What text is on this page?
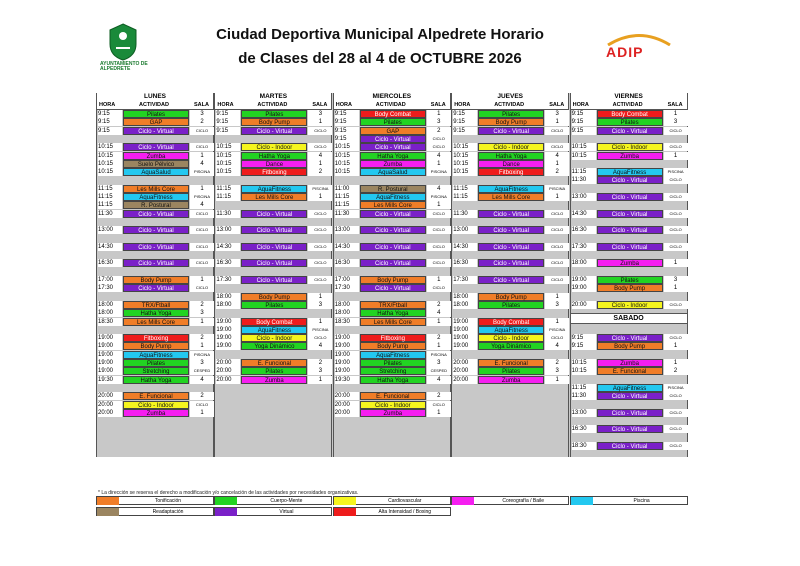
AYUNTAMIENTO DE ALPEDRETE
Ciudad Deportiva Municipal Alpedrete Horario
de Clases del 28 al 4 de OCTUBRE 2026	ADIP
LUNES
HORA	ACTIVIDAD	SALA
9:15	Pilates	3
9:15	GAP	2
9:15	Ciclo - Virtual	CICLO
10:15	Ciclo - Virtual	CICLO
10:15	Zumba	1
10:15	Suelo Pélvico	4
10:15	AquaSalud	PISCINA
11:15	Les Mills Core	1
11:15	AquaFitness	PISCINA
11:15	R. Postural	4
11:30	Ciclo - Virtual	CICLO
13:00	Ciclo - Virtual	CICLO
14:30	Ciclo - Virtual	CICLO
16:30	Ciclo - Virtual	CICLO
17:00	Body Pump	1
17:30	Ciclo - Virtual	CICLO
18:00	TRX/Ftball	2
18:00	Hatha Yoga	3
18:30	Les Mills Core	1
19:00	Fitboxing	2
19:00	Body Pump	1
19:00	AquaFitness	PISCINA
19:00	Pilates	3
19:00	Stretching	CESPED
19:30	Hatha Yoga	4
20:00	E. Funcional	2
20:00	Ciclo - Indoor	CICLO
20:00	Zumba	1
MARTES
HORA	ACTIVIDAD	SALA
9:15	Pilates	3
9:15	Body Pump	1
9:15	Ciclo - Virtual	CICLO
10:15	Ciclo - Indoor	CICLO
10:15	Hatha Yoga	4
10:15	Dance	1
10:15	Fitboxing	2
11:15	AquaFitness	PISCINA
11:15	Les Mills Core	1
11:30	Ciclo - Virtual	CICLO
13:00	Ciclo - Virtual	CICLO
14:30	Ciclo - Virtual	CICLO
16:30	Ciclo - Virtual	CICLO
17:30	Ciclo - Virtual	CICLO
18:00	Body Pump	1
18:00	Pilates	3
19:00	Body Combat	1
19:00	AquaFitness	PISCINA
19:00	Ciclo - Indoor	CICLO
19:00	Yoga Dinámico	4
20:00	E. Funcional	2
20:00	Pilates	3
20:00	Zumba	1
MIERCOLES
HORA	ACTIVIDAD	SALA
9:15	Body Combat	1
9:15	Pilates	3
9:15	GAP	2
9:15	Ciclo - Virtual	CICLO
10:15	Ciclo - Virtual	CICLO
10:15	Hatha Yoga	4
10:15	Zumba	1
10:15	AquaSalud	PISCINA
11:00	R. Postural	4
11:15	AquaFitness	PISCINA
11:15	Les Mills Core	1
11:30	Ciclo - Virtual	CICLO
13:00	Ciclo - Virtual	CICLO
14:30	Ciclo - Virtual	CICLO
16:30	Ciclo - Virtual	CICLO
17:00	Body Pump	1
17:30	Ciclo - Virtual	CICLO
18:00	TRX/Ftball	2
18:00	Hatha Yoga	4
18:30	Les Mills Core	1
19:00	Fitboxing	2
19:00	Body Pump	1
19:00	AquaFitness	PISCINA
19:00	Pilates	3
19:00	Stretching	CESPED
19:30	Hatha Yoga	4
20:00	E. Funcional	2
20:00	Ciclo - Indoor	CICLO
20:00	Zumba	1
JUEVES
HORA	ACTIVIDAD	SALA
9:15	Pilates	3
9:15	Body Pump	1
9:15	Ciclo - Virtual	CICLO
10:15	Ciclo - Indoor	CICLO
10:15	Hatha Yoga	4
10:15	Dance	1
10:15	Fitboxing	2
11:15	AquaFitness	PISCINA
11:15	Les Mills Core	1
11:30	Ciclo - Virtual	CICLO
13:00	Ciclo - Virtual	CICLO
14:30	Ciclo - Virtual	CICLO
16:30	Ciclo - Virtual	CICLO
17:30	Ciclo - Virtual	CICLO
18:00	Body Pump	1
18:00	Pilates	3
19:00	Body Combat	1
19:00	AquaFitness	PISCINA
19:00	Ciclo - Indoor	CICLO
19:00	Yoga Dinámico	4
20:00	E. Funcional	2
20:00	Pilates	3
20:00	Zumba	1
VIERNES
HORA	ACTIVIDAD	SALA
9:15	Body Combat	1
9:15	Pilates	3
9:15	Ciclo - Virtual	CICLO
10:15	Ciclo - Indoor	CICLO
10:15	Zumba	1
11:15	AquaFitness	PISCINA
11:30	Ciclo - Virtual	CICLO
13:00	Ciclo - Virtual	CICLO
14:30	Ciclo - Virtual	CICLO
16:30	Ciclo - Virtual	CICLO
17:30	Ciclo - Virtual	CICLO
18:00	Zumba	1
19:00	Pilates	3
19:00	Body Pump	1
20:00	Ciclo - Indoor	CICLO
SABADO
9:15	Ciclo - Virtual	CICLO
9:15	Body Pump	1
10:15	Zumba	1
10:15	E. Funcional	2
11:15	AquaFitness	PISCINA
11:30	Ciclo - Virtual	CICLO
13:00	Ciclo - Virtual	CICLO
16:30	Ciclo - Virtual	CICLO
18:30	Ciclo - Virtual	CICLO
* La dirección se reserva el derecho a modificación y/o cancelación de las actividades por necesidades organizativas.
Tonificación	Cuerpo-Mente	Cardiovascular	Coreografía / Baile	Piscina
Readaptación	Virtual	Alta Intensidad / Boxing
